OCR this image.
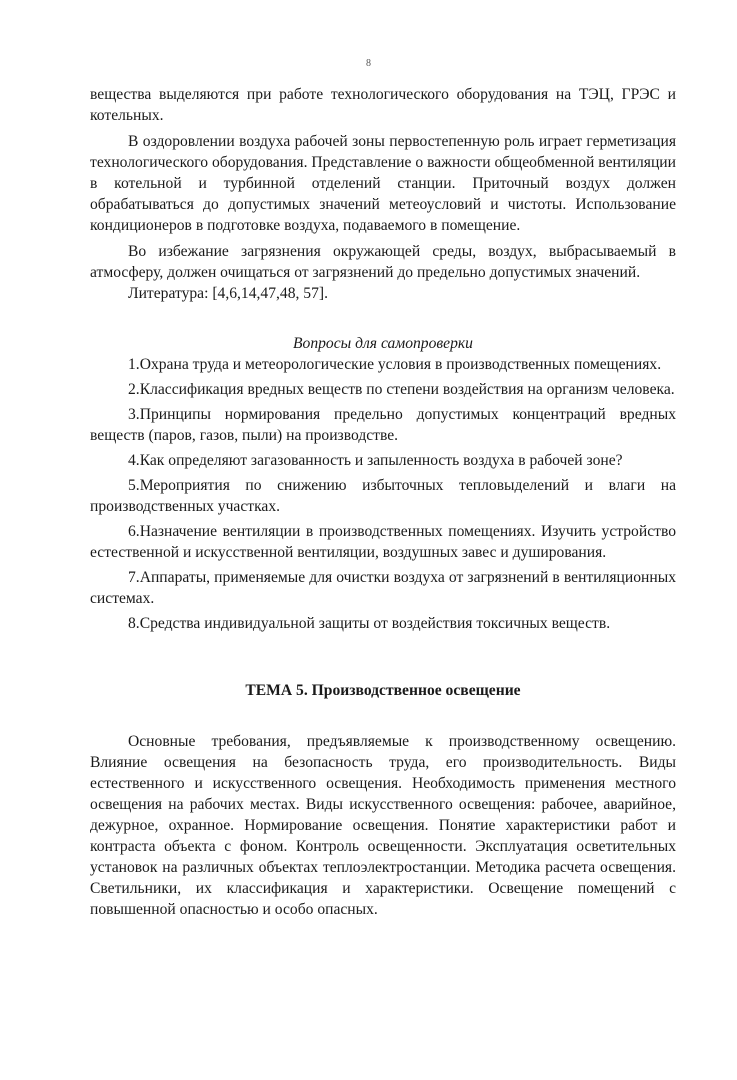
8

вещества выделяются при работе технологического оборудования на ТЭЦ, ГРЭС и котельных.

В оздоровлении воздуха рабочей зоны первостепенную роль играет герметизация технологического оборудования. Представление о важности общеобменной вентиляции в котельной и турбинной отделений станции. Приточный воздух должен обрабатываться до допустимых значений метеоусловий и чистоты. Использование кондиционеров в подготовке воздуха, подаваемого в помещение.

Во избежание загрязнения окружающей среды, воздух, выбрасываемый в атмосферу, должен очищаться от загрязнений до предельно допустимых значений.

Литература: [4,6,14,47,48, 57].

Вопросы для самопроверки

1.Охрана труда и метеорологические условия в производственных помещениях.

2.Классификация вредных веществ по степени воздействия на организм человека.

3.Принципы нормирования предельно допустимых концентраций вредных веществ (паров, газов, пыли) на производстве.

4.Как определяют загазованность и запыленность воздуха в рабочей зоне?

5.Мероприятия по снижению избыточных тепловыделений и влаги на производственных участках.

6.Назначение вентиляции в производственных помещениях. Изучить устройство естественной и искусственной вентиляции, воздушных завес и душирования.

7.Аппараты, применяемые для очистки воздуха от загрязнений в вентиляционных системах.

8.Средства индивидуальной защиты от воздействия токсичных веществ.

ТЕМА 5. Производственное освещение

Основные требования, предъявляемые к производственному освещению. Влияние освещения на безопасность труда, его производительность. Виды естественного и искусственного освещения. Необходимость применения местного освещения на рабочих местах. Виды искусственного освещения: рабочее, аварийное, дежурное, охранное. Нормирование освещения. Понятие характеристики работ и контраста объекта с фоном. Контроль освещенности. Эксплуатация осветительных установок на различных объектах теплоэлектростанции. Методика расчета освещения. Светильники, их классификация и характеристики. Освещение помещений с повышенной опасностью и особо опасных.
